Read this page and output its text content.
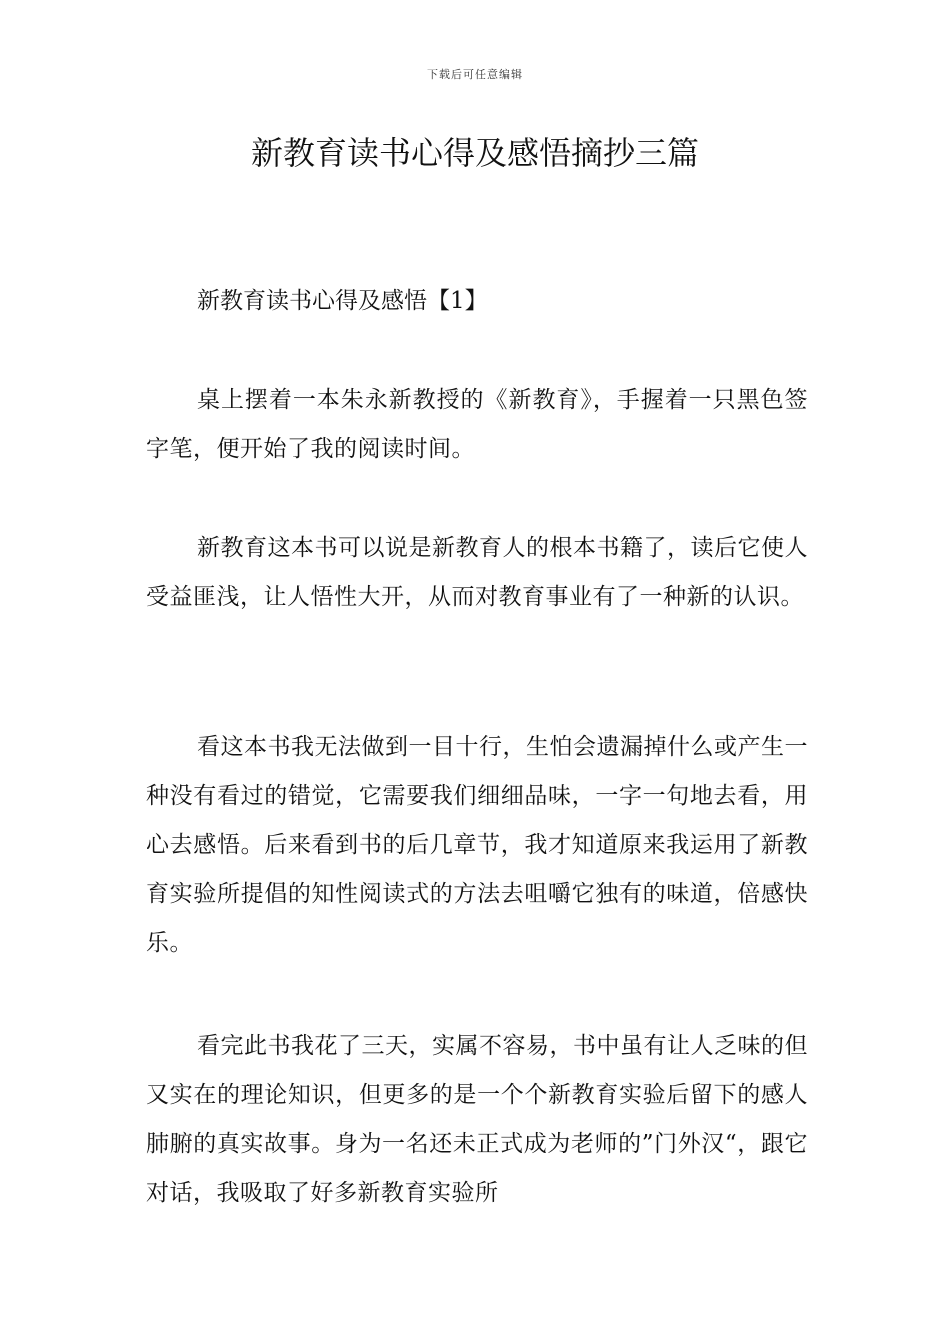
下载后可任意编辑
新教育读书心得及感悟摘抄三篇
新教育读书心得及感悟【1】

桌上摆着一本朱永新教授的《新教育》，手握着一只黑色签字笔，便开始了我的阅读时间。

新教育这本书可以说是新教育人的根本书籍了，读后它使人受益匪浅，让人悟性大开，从而对教育事业有了一种新的认识。

看这本书我无法做到一目十行，生怕会遗漏掉什么或产生一种没有看过的错觉，它需要我们细细品味，一字一句地去看，用心去感悟。后来看到书的后几章节，我才知道原来我运用了新教育实验所提倡的知性阅读式的方法去咀嚼它独有的味道，倍感快乐。

看完此书我花了三天，实属不容易，书中虽有让人乏味的但又实在的理论知识，但更多的是一个个新教育实验后留下的感人肺腑的真实故事。身为一名还未正式成为老师的”门外汉“，跟它对话，我吸取了好多新教育实验所
